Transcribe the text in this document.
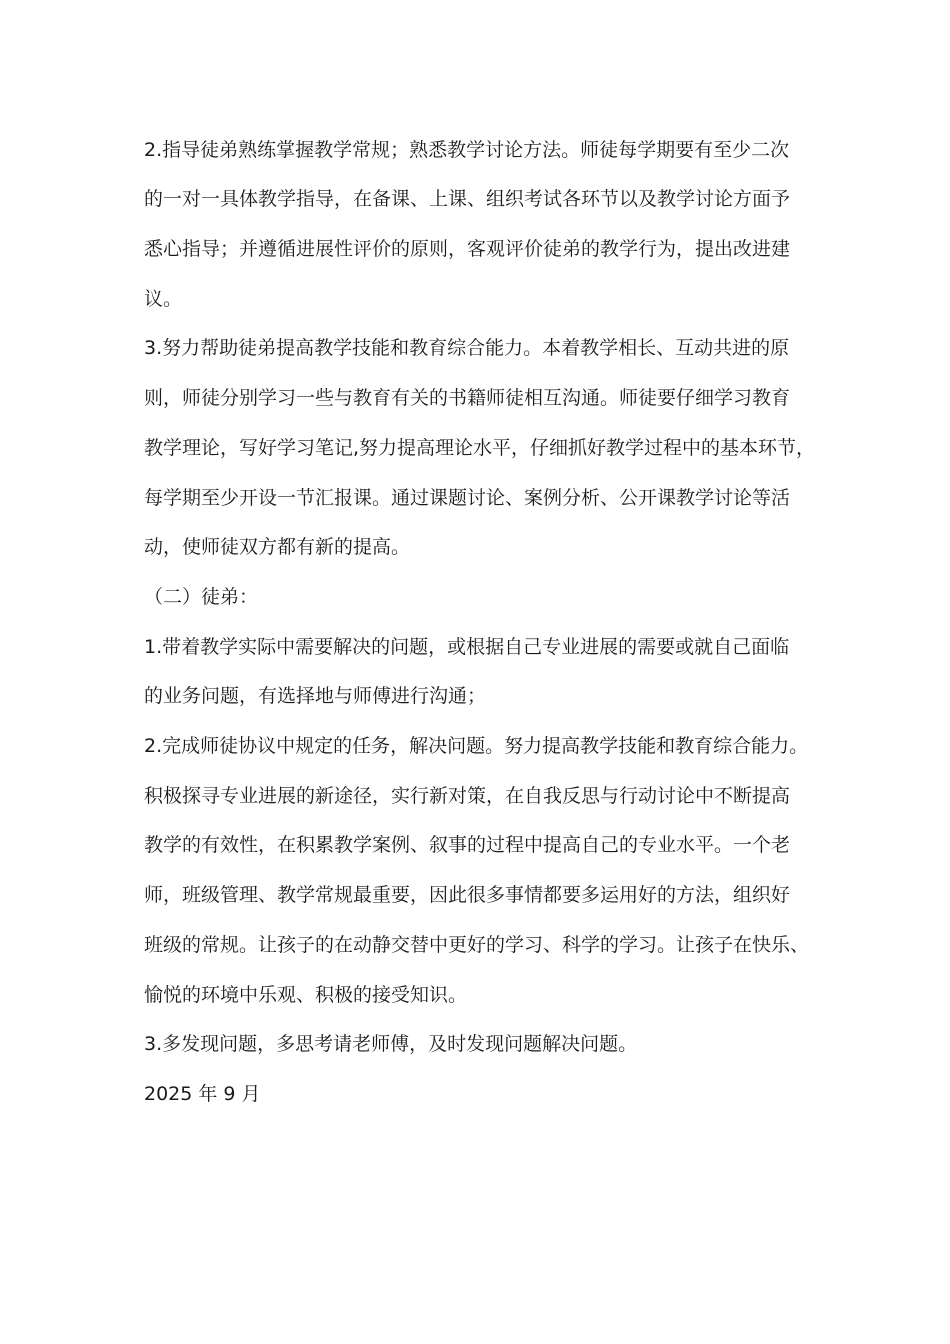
2.指导徒弟熟练掌握教学常规；熟悉教学讨论方法。师徒每学期要有至少二次
的一对一具体教学指导，在备课、上课、组织考试各环节以及教学讨论方面予
悉心指导；并遵循进展性评价的原则，客观评价徒弟的教学行为，提出改进建
议。
3.努力帮助徒弟提高教学技能和教育综合能力。本着教学相长、互动共进的原
则，师徒分别学习一些与教育有关的书籍师徒相互沟通。师徒要仔细学习教育
教学理论，写好学习笔记,努力提高理论水平，仔细抓好教学过程中的基本环节，
每学期至少开设一节汇报课。通过课题讨论、案例分析、公开课教学讨论等活
动，使师徒双方都有新的提高。
（二）徒弟：
1.带着教学实际中需要解决的问题，或根据自己专业进展的需要或就自己面临
的业务问题，有选择地与师傅进行沟通；
2.完成师徒协议中规定的任务，解决问题。努力提高教学技能和教育综合能力。
积极探寻专业进展的新途径，实行新对策，在自我反思与行动讨论中不断提高
教学的有效性，在积累教学案例、叙事的过程中提高自己的专业水平。一个老
师，班级管理、教学常规最重要，因此很多事情都要多运用好的方法，组织好
班级的常规。让孩子的在动静交替中更好的学习、科学的学习。让孩子在快乐、
愉悦的环境中乐观、积极的接受知识。
3.多发现问题，多思考请老师傅，及时发现问题解决问题。
2025 年 9 月
